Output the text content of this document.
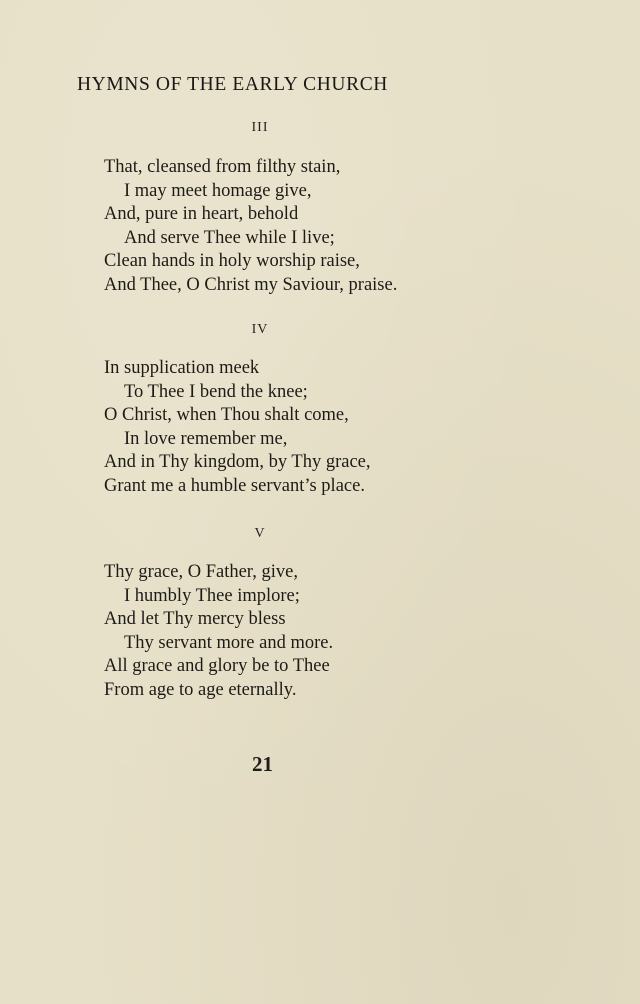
HYMNS OF THE EARLY CHURCH
III
That, cleansed from filthy stain,
I may meet homage give,
And, pure in heart, behold
And serve Thee while I live;
Clean hands in holy worship raise,
And Thee, O Christ my Saviour, praise.
IV
In supplication meek
To Thee I bend the knee;
O Christ, when Thou shalt come,
In love remember me,
And in Thy kingdom, by Thy grace,
Grant me a humble servant’s place.
V
Thy grace, O Father, give,
I humbly Thee implore;
And let Thy mercy bless
Thy servant more and more.
All grace and glory be to Thee
From age to age eternally.
21
